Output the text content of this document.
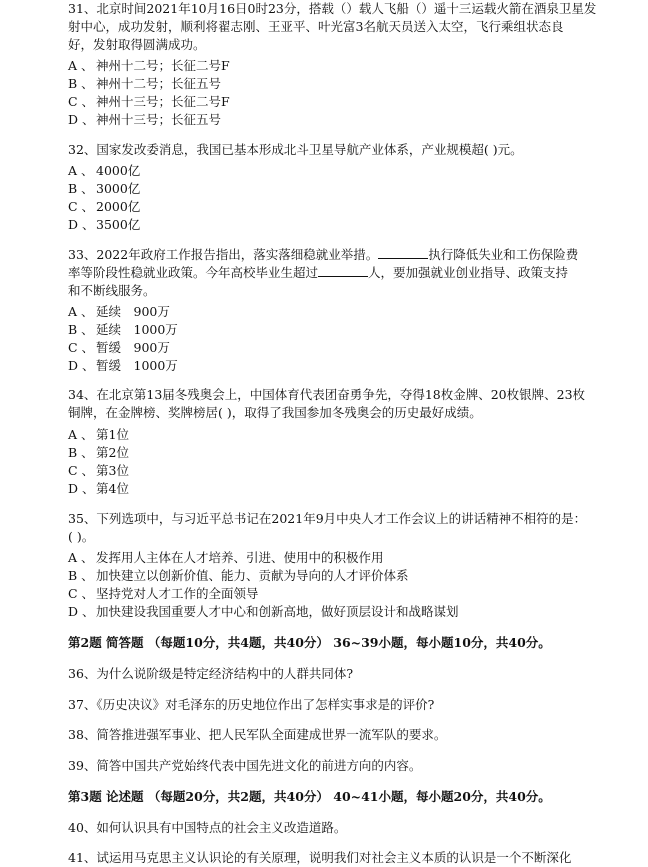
31、北京时间2021年10月16日0时23分，搭载（）载人飞船（）遥十三运载火箭在酒泉卫星发
射中心，成功发射，顺利将翟志刚、王亚平、叶光富3名航天员送入太空，飞行乘组状态良
好，发射取得圆满成功。
A 、 神州十二号；长征二号F
B 、 神州十二号；长征五号
C 、 神州十三号；长征二号F
D 、 神州十三号；长征五号
32、国家发改委消息，我国已基本形成北斗卫星导航产业体系，产业规模超( )元。
A 、 4000亿
B 、 3000亿
C 、 2000亿
D 、 3500亿
33、2022年政府工作报告指出，落实落细稳就业举措。	执行降低失业和工伤保险费
率等阶段性稳就业政策。今年高校毕业生超过	人，要加强就业创业指导、政策支持
和不断线服务。
A 、 延续　900万
B 、 延续　1000万
C 、 暂缓　900万
D 、 暂缓　1000万
34、在北京第13届冬残奥会上，中国体育代表团奋勇争先，夺得18枚金牌、20枚银牌、23枚
铜牌，在金牌榜、奖牌榜居( )，取得了我国参加冬残奥会的历史最好成绩。
A 、 第1位
B 、 第2位
C 、 第3位
D 、 第4位
35、下列选项中，与习近平总书记在2021年9月中央人才工作会议上的讲话精神不相符的是：
( )。
A 、 发挥用人主体在人才培养、引进、使用中的积极作用
B 、 加快建立以创新价值、能力、贡献为导向的人才评价体系
C 、 坚持党对人才工作的全面领导
D 、 加快建设我国重要人才中心和创新高地，做好顶层设计和战略谋划
第2题 简答题 （每题10分，共4题，共40分） 36~39小题，每小题10分，共40分。
36、为什么说阶级是特定经济结构中的人群共同体?
37、《历史决议》对毛泽东的历史地位作出了怎样实事求是的评价?
38、简答推进强军事业、把人民军队全面建成世界一流军队的要求。
39、简答中国共产党始终代表中国先进文化的前进方向的内容。
第3题 论述题 （每题20分，共2题，共40分） 40~41小题，每小题20分，共40分。
40、如何认识具有中国特点的社会主义改造道路。
41、试运用马克思主义认识论的有关原理，说明我们对社会主义本质的认识是一个不断深化
